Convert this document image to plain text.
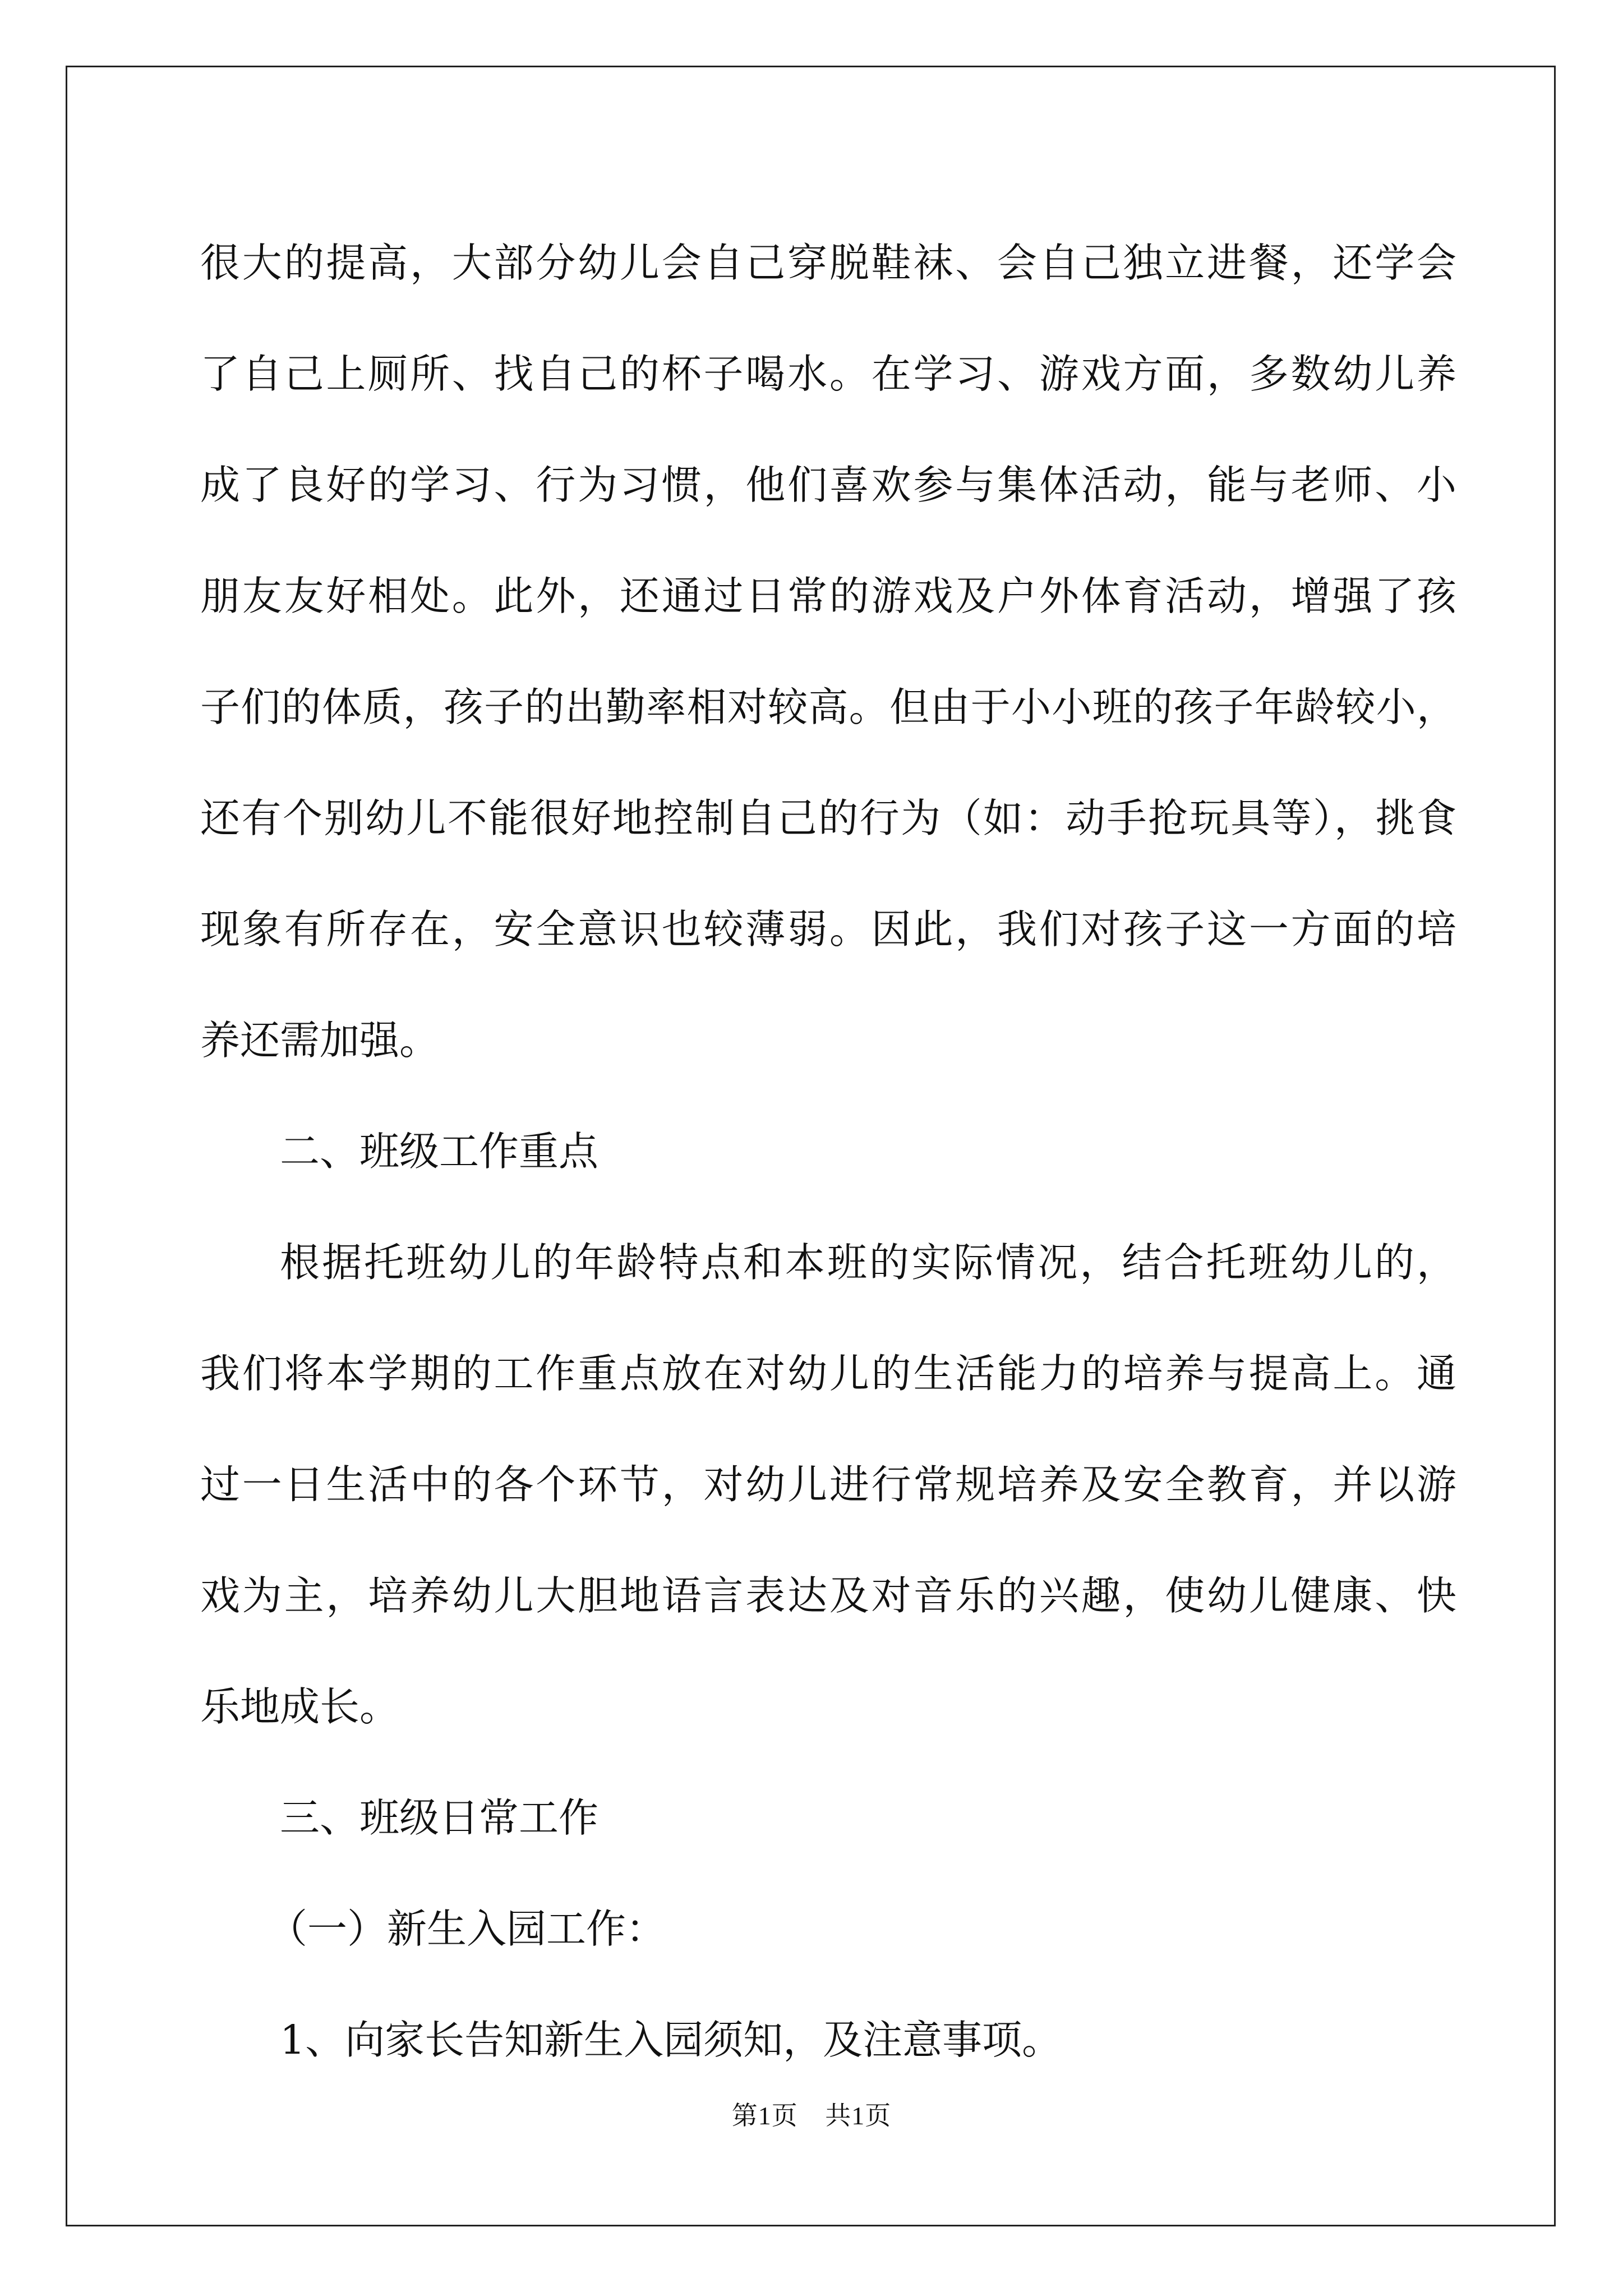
很大的提高，大部分幼儿会自己穿脱鞋袜、会自己独立进餐，还学会
了自己上厕所、找自己的杯子喝水。在学习、游戏方面，多数幼儿养
成了良好的学习、行为习惯，他们喜欢参与集体活动，能与老师、小
朋友友好相处。此外，还通过日常的游戏及户外体育活动，增强了孩
子们的体质，孩子的出勤率相对较高。但由于小小班的孩子年龄较小，
还有个别幼儿不能很好地控制自己的行为（如：动手抢玩具等），挑食
现象有所存在，安全意识也较薄弱。因此，我们对孩子这一方面的培
养还需加强。
二、班级工作重点
根据托班幼儿的年龄特点和本班的实际情况，结合托班幼儿的，
我们将本学期的工作重点放在对幼儿的生活能力的培养与提高上。通
过一日生活中的各个环节，对幼儿进行常规培养及安全教育，并以游
戏为主，培养幼儿大胆地语言表达及对音乐的兴趣，使幼儿健康、快
乐地成长。
三、班级日常工作
（一）新生入园工作：
1、向家长告知新生入园须知，及注意事项。
第1页 共1页
